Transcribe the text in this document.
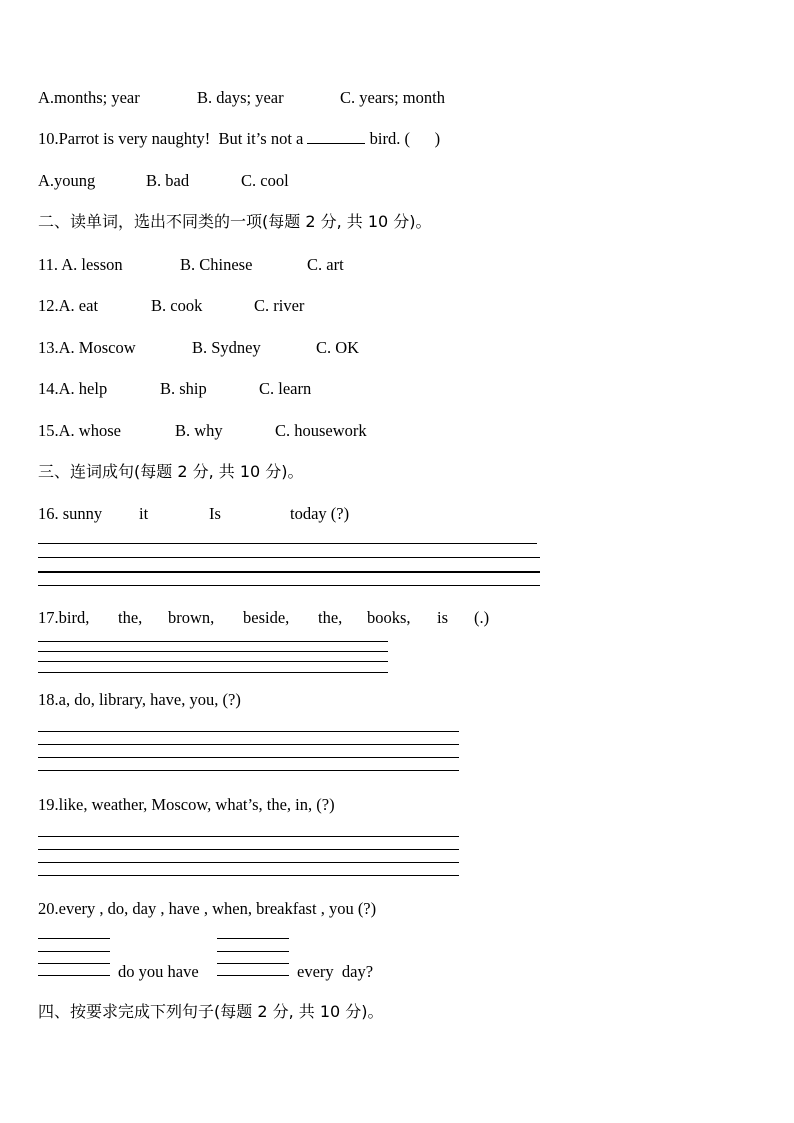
A.months; year	B. days; year	C. years; month
10.Parrot is very naughty!  But it’s not a	bird. (      )
A.young	B. bad	C. cool
二、读单词，选出不同类的一项(每题 2 分, 共 10 分)。
11. A. lesson	B. Chinese	C. art
12.A. eat	B. cook	C. river
13.A. Moscow	B. Sydney	C. OK
14.A. help	B. ship	C. learn
15.A. whose	B. why	C. housework
三、连词成句(每题 2 分, 共 10 分)。
16. sunny it	Is	today (?)
17.bird, the, brown, beside, the, books, is (.)
18.a, do, library, have, you, (?)
19.like, weather, Moscow, what’s, the, in, (?)
20.every , do, day , have , when, breakfast , you (?)
do you have	every  day?
四、按要求完成下列句子(每题 2 分, 共 10 分)。
